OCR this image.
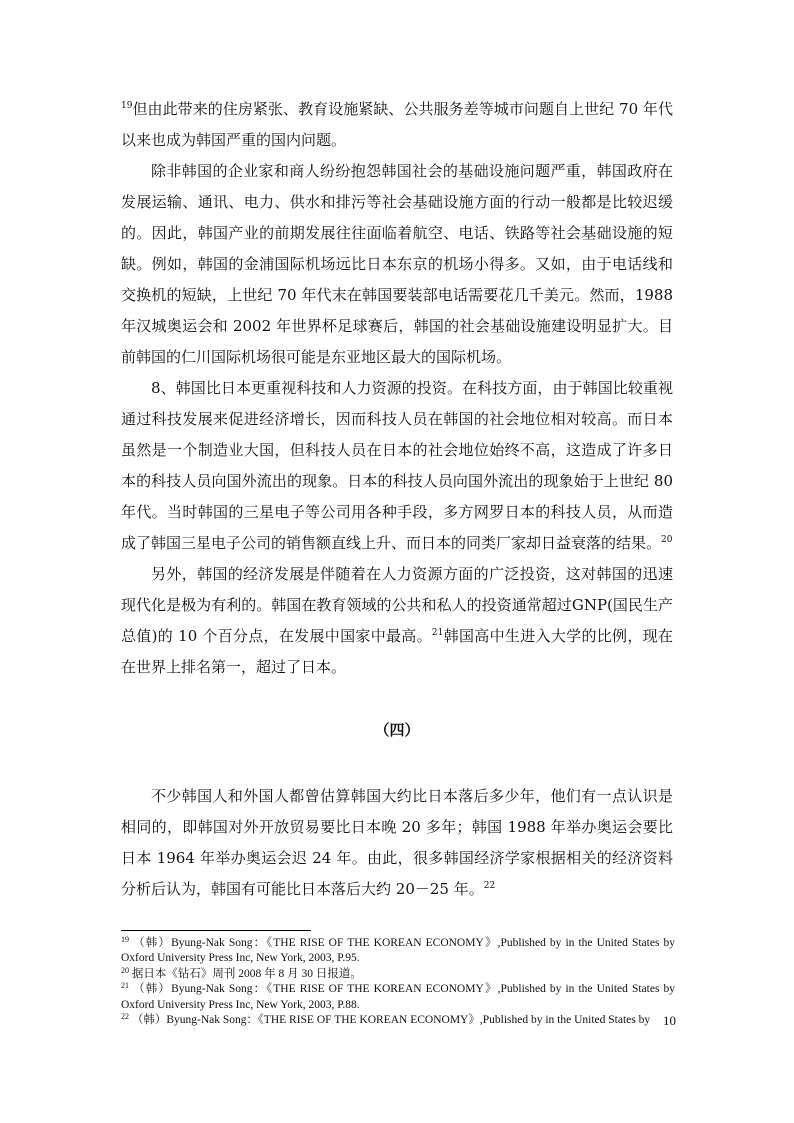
$^{19}$但由此带来的住房紧张、教育设施紧缺、公共服务差等城市问题自上世纪 70 年代以来也成为韩国严重的国内问题。

除非韩国的企业家和商人纷纷抱怨韩国社会的基础设施问题严重，韩国政府在发展运输、通讯、电力、供水和排污等社会基础设施方面的行动一般都是比较迟缓的。因此，韩国产业的前期发展往往面临着航空、电话、铁路等社会基础设施的短缺。例如，韩国的金浦国际机场远比日本东京的机场小得多。又如，由于电话线和交换机的短缺，上世纪 70 年代末在韩国要装部电话需要花几千美元。然而，1988 年汉城奥运会和 2002 年世界杯足球赛后，韩国的社会基础设施建设明显扩大。目前韩国的仁川国际机场很可能是东亚地区最大的国际机场。

8、韩国比日本更重视科技和人力资源的投资。在科技方面，由于韩国比较重视通过科技发展来促进经济增长，因而科技人员在韩国的社会地位相对较高。而日本虽然是一个制造业大国，但科技人员在日本的社会地位始终不高，这造成了许多日本的科技人员向国外流出的现象。日本的科技人员向国外流出的现象始于上世纪 80 年代。当时韩国的三星电子等公司用各种手段，多方网罗日本的科技人员，从而造成了韩国三星电子公司的销售额直线上升、而日本的同类厂家却日益衰落的结果。$^{20}$

另外，韩国的经济发展是伴随着在人力资源方面的广泛投资，这对韩国的迅速现代化是极为有利的。韩国在教育领域的公共和私人的投资通常超过GNP(国民生产总值)的 10 个百分点，在发展中国家中最高。$^{21}$韩国高中生进入大学的比例，现在在世界上排名第一，超过了日本。

（四）

不少韩国人和外国人都曾估算韩国大约比日本落后多少年，他们有一点认识是相同的，即韩国对外开放贸易要比日本晚 20 多年；韩国 1988 年举办奥运会要比日本 1964 年举办奥运会迟 24 年。由此，很多韩国经济学家根据相关的经济资料分析后认为，韩国有可能比日本落后大约 20－25 年。$^{22}$

$^{19}$ （韩）Byung-Nak Song：《THE RISE OF THE KOREAN ECONOMY》,Published by in the United States by Oxford University Press Inc, New York, 2003, P.95.

$^{20}$ 据日本《钻石》周刊 2008 年 8 月 30 日报道。

$^{21}$ （韩）Byung-Nak Song：《THE RISE OF THE KOREAN ECONOMY》,Published by in the United States by Oxford University Press Inc, New York, 2003, P.88.

$^{22}$ （韩）Byung-Nak Song：《THE RISE OF THE KOREAN ECONOMY》,Published by in the United States by 10
